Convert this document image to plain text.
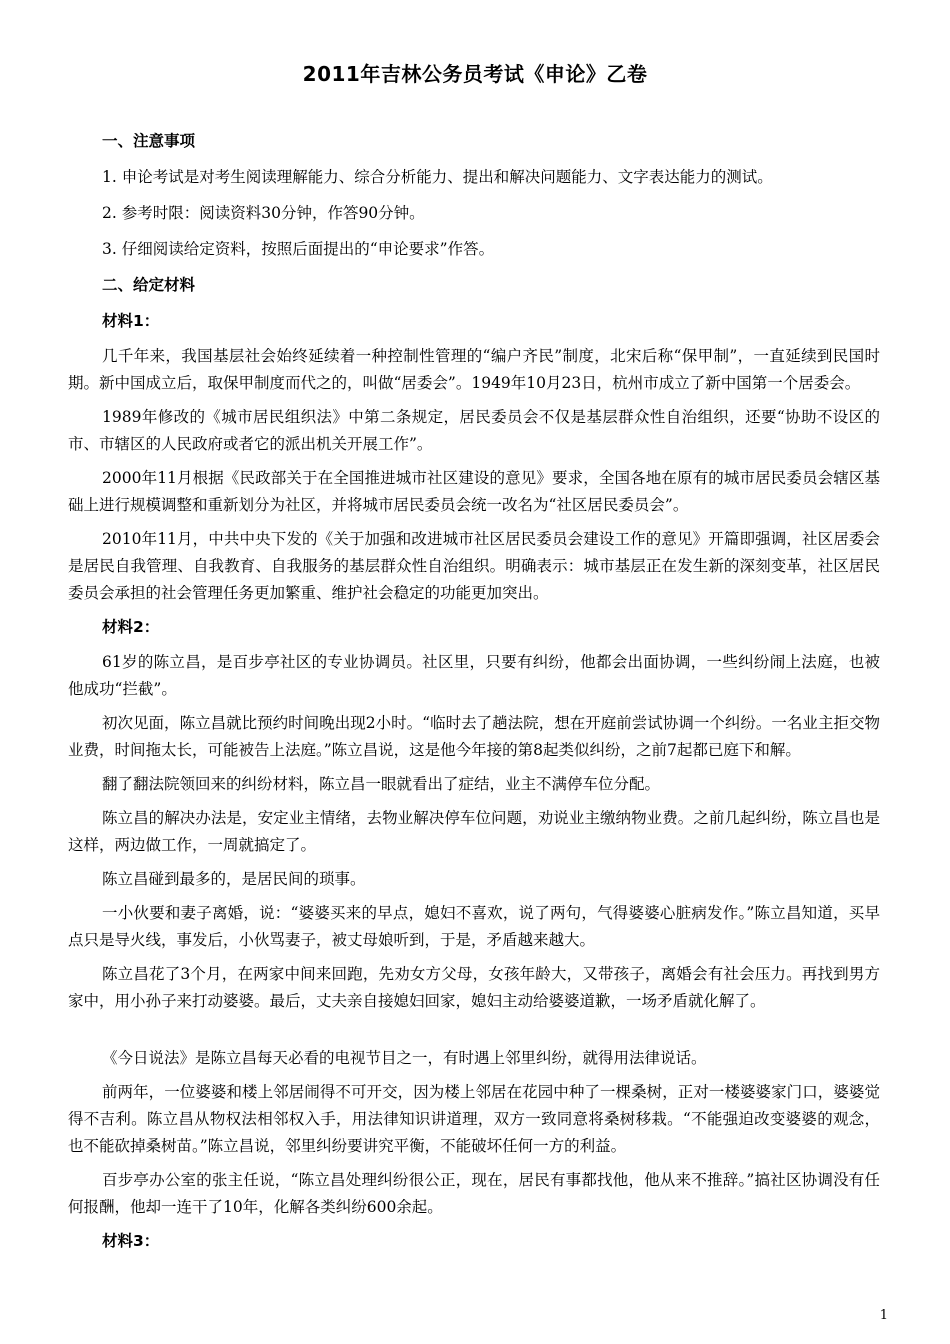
2011年吉林公务员考试《申论》乙卷
一、注意事项
1. 申论考试是对考生阅读理解能力、综合分析能力、提出和解决问题能力、文字表达能力的测试。
2. 参考时限：阅读资料30分钟，作答90分钟。
3. 仔细阅读给定资料，按照后面提出的“申论要求”作答。
二、给定材料
材料1：
几千年来，我国基层社会始终延续着一种控制性管理的“编户齐民”制度，北宋后称“保甲制”，一直延续到民国时期。新中国成立后，取保甲制度而代之的，叫做“居委会”。1949年10月23日，杭州市成立了新中国第一个居委会。
1989年修改的《城市居民组织法》中第二条规定，居民委员会不仅是基层群众性自治组织，还要“协助不设区的市、市辖区的人民政府或者它的派出机关开展工作”。
2000年11月根据《民政部关于在全国推进城市社区建设的意见》要求，全国各地在原有的城市居民委员会辖区基础上进行规模调整和重新划分为社区，并将城市居民委员会统一改名为“社区居民委员会”。
2010年11月，中共中央下发的《关于加强和改进城市社区居民委员会建设工作的意见》开篇即强调，社区居委会是居民自我管理、自我教育、自我服务的基层群众性自治组织。明确表示：城市基层正在发生新的深刻变革，社区居民委员会承担的社会管理任务更加繁重、维护社会稳定的功能更加突出。
材料2：
61岁的陈立昌，是百步亭社区的专业协调员。社区里，只要有纠纷，他都会出面协调，一些纠纷闹上法庭，也被他成功“拦截”。
初次见面，陈立昌就比预约时间晚出现2小时。“临时去了趟法院，想在开庭前尝试协调一个纠纷。一名业主拒交物业费，时间拖太长，可能被告上法庭。”陈立昌说，这是他今年接的第8起类似纠纷，之前7起都已庭下和解。
翻了翻法院领回来的纠纷材料，陈立昌一眼就看出了症结，业主不满停车位分配。
陈立昌的解决办法是，安定业主情绪，去物业解决停车位问题，劝说业主缴纳物业费。之前几起纠纷，陈立昌也是这样，两边做工作，一周就搞定了。
陈立昌碰到最多的，是居民间的琐事。
一小伙要和妻子离婚，说：“婆婆买来的早点，媳妇不喜欢，说了两句，气得婆婆心脏病发作。”陈立昌知道，买早点只是导火线，事发后，小伙骂妻子，被丈母娘听到，于是，矛盾越来越大。
陈立昌花了3个月，在两家中间来回跑，先劝女方父母，女孩年龄大，又带孩子，离婚会有社会压力。再找到男方家中，用小孙子来打动婆婆。最后，丈夫亲自接媳妇回家，媳妇主动给婆婆道歉，一场矛盾就化解了。
《今日说法》是陈立昌每天必看的电视节目之一，有时遇上邻里纠纷，就得用法律说话。
前两年，一位婆婆和楼上邻居闹得不可开交，因为楼上邻居在花园中种了一棵桑树，正对一楼婆婆家门口，婆婆觉得不吉利。陈立昌从物权法相邻权入手，用法律知识讲道理，双方一致同意将桑树移栽。“不能强迫改变婆婆的观念，也不能砍掉桑树苗。”陈立昌说，邻里纠纷要讲究平衡，不能破坏任何一方的利益。
百步亭办公室的张主任说，“陈立昌处理纠纷很公正，现在，居民有事都找他，他从来不推辞。”搞社区协调没有任何报酬，他却一连干了10年，化解各类纠纷600余起。
材料3：
1
